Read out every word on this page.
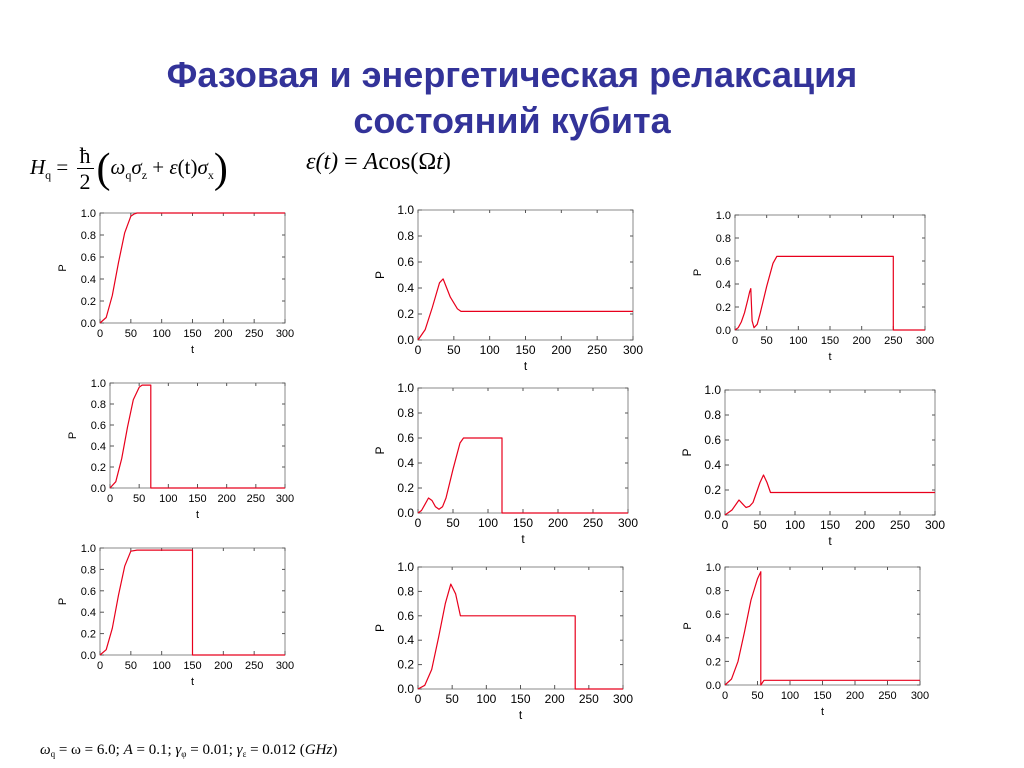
Фазовая и энергетическая релаксация
состояний кубита
$H_q = \frac{ħ}{2} (\omega_q\sigma_z + \varepsilon(t)\sigma_x)$	ε(t) = Acos(Ωt)
$\omega_q = \omega = 6.0$; A = 0.1; $\gamma_\varphi = 0.01$; $\gamma_\varepsilon = 0.012$ (GHz)
0 50 100 150 200 250 300
0.0
0.2
0.4
0.6
0.8
1.0
t
P
0 50 100 150 200 250 300
0.0
0.2
0.4
0.6
0.8
1.0
t
P
0 50 100 150 200 250 300
0.0
0.2
0.4
0.6
0.8
1.0
t
P
0 50 100 150 200 250 300
0.0
0.2
0.4
0.6
0.8
1.0
t
P
0 50 100 150 200 250 300
0.0
0.2
0.4
0.6
0.8
1.0
t
P
0 50 100 150 200 250 300
0.0
0.2
0.4
0.6
0.8
1.0
t
P
0 50 100 150 200 250 300
0.0
0.2
0.4
0.6
0.8
1.0
t
P
0 50 100 150 200 250 300
0.0
0.2
0.4
0.6
0.8
1.0
t
P
0 50 100 150 200 250 300
0.0
0.2
0.4
0.6
0.8
1.0
t
P
